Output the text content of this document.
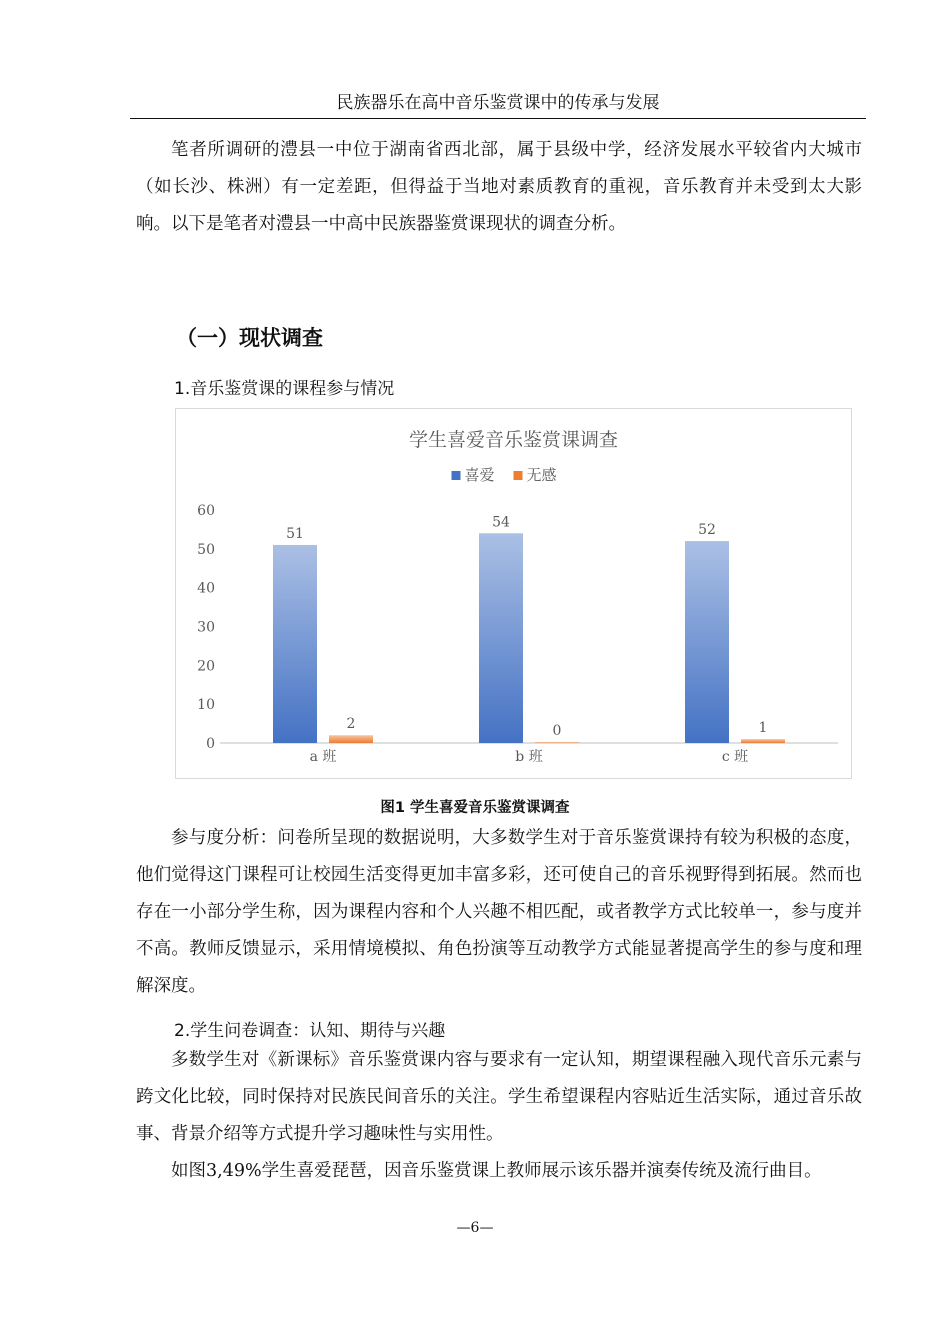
民族器乐在高中音乐鉴赏课中的传承与发展

笔者所调研的澧县一中位于湖南省西北部，属于县级中学，经济发展水平较省内大城市（如长沙、株洲）有一定差距，但得益于当地对素质教育的重视，音乐教育并未受到太大影响。以下是笔者对澧县一中高中民族器鉴赏课现状的调查分析。

（一）现状调查
1.音乐鉴赏课的课程参与情况
学生喜爱音乐鉴赏课调查
喜爱 无感
0
10
20
30
40
50
60
51
2
a 班
54
0
b 班
52
1
c 班
图1 学生喜爱音乐鉴赏课调查

参与度分析：问卷所呈现的数据说明，大多数学生对于音乐鉴赏课持有较为积极的态度，他们觉得这门课程可让校园生活变得更加丰富多彩，还可使自己的音乐视野得到拓展。然而也存在一小部分学生称，因为课程内容和个人兴趣不相匹配，或者教学方式比较单一，参与度并不高。教师反馈显示，采用情境模拟、角色扮演等互动教学方式能显著提高学生的参与度和理解深度。

2.学生问卷调查：认知、期待与兴趣

多数学生对《新课标》音乐鉴赏课内容与要求有一定认知，期望课程融入现代音乐元素与跨文化比较，同时保持对民族民间音乐的关注。学生希望课程内容贴近生活实际，通过音乐故事、背景介绍等方式提升学习趣味性与实用性。

如图3,49%学生喜爱琵琶，因音乐鉴赏课上教师展示该乐器并演奏传统及流行曲目。

—6—
